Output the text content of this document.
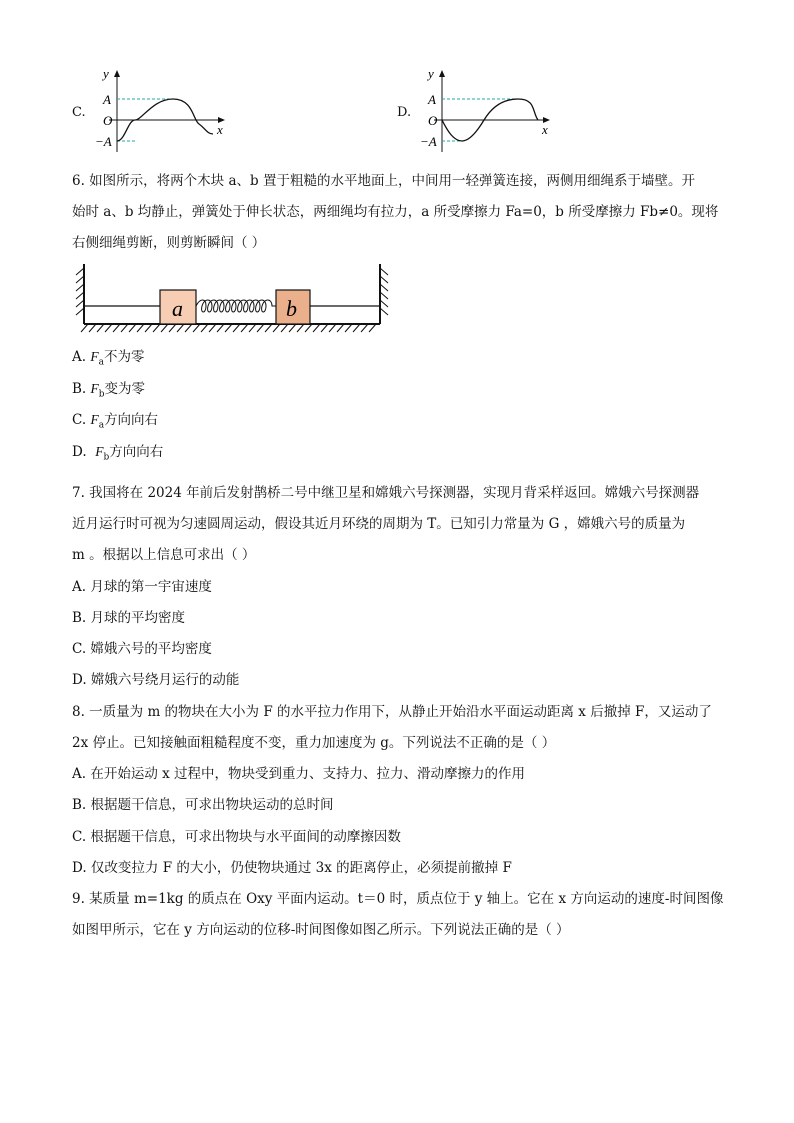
C.
y
x
A
O
−A
D.
y
x
A
O
−A
6. 如图所示，将两个木块 a、b 置于粗糙的水平地面上，中间用一轻弹簧连接，两侧用细绳系于墙壁。开
始时 a、b 均静止，弹簧处于伸长状态，两细绳均有拉力，a 所受摩擦力 Fa=0，b 所受摩擦力 Fb≠0。现将
右侧细绳剪断，则剪断瞬间（ ）
a	b
A. $F_a$不为零
B. $F_b$变为零
C. $F_a$方向向右
D.  $F_b$方向向右
7. 我国将在 2024 年前后发射鹊桥二号中继卫星和嫦娥六号探测器，实现月背采样返回。嫦娥六号探测器
近月运行时可视为匀速圆周运动，假设其近月环绕的周期为 T。已知引力常量为 G ，嫦娥六号的质量为
m 。根据以上信息可求出（ ）
A. 月球的第一宇宙速度
B. 月球的平均密度
C. 嫦娥六号的平均密度
D. 嫦娥六号绕月运行的动能
8. 一质量为 m 的物块在大小为 F 的水平拉力作用下，从静止开始沿水平面运动距离 x 后撤掉 F，又运动了
2x 停止。已知接触面粗糙程度不变，重力加速度为 g。下列说法不正确的是（ ）
A. 在开始运动 x 过程中，物块受到重力、支持力、拉力、滑动摩擦力的作用
B. 根据题干信息，可求出物块运动的总时间
C. 根据题干信息，可求出物块与水平面间的动摩擦因数
D. 仅改变拉力 F 的大小，仍使物块通过 3x 的距离停止，必须提前撤掉 F
9. 某质量 m=1kg 的质点在 Oxy 平面内运动。t＝0 时，质点位于 y 轴上。它在 x 方向运动的速度-时间图像
如图甲所示，它在 y 方向运动的位移-时间图像如图乙所示。下列说法正确的是（ ）
